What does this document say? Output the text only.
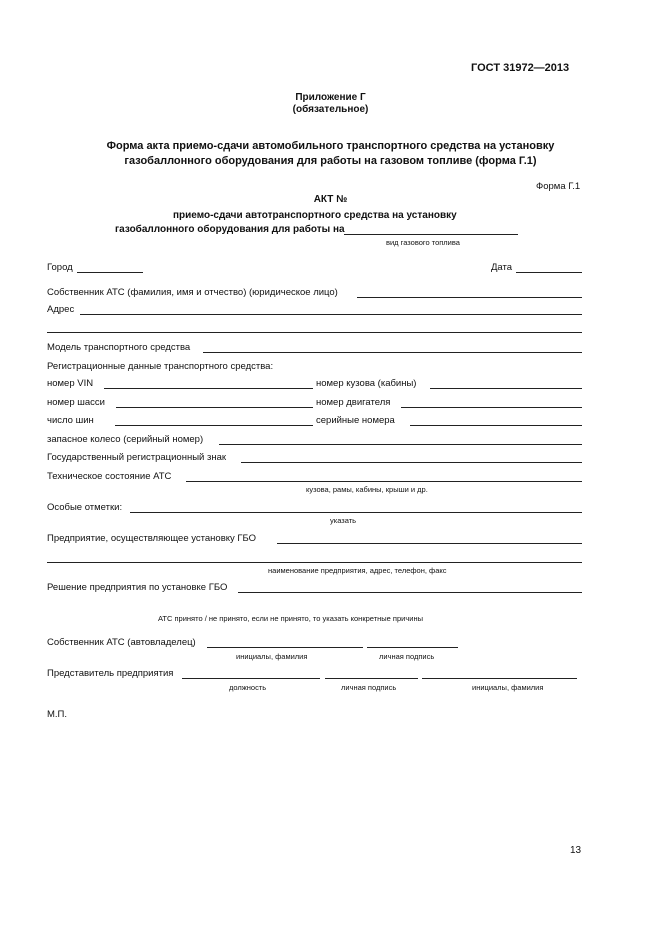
ГОСТ 31972—2013
Приложение Г
(обязательное)
Форма акта приемо-сдачи автомобильного транспортного средства на установку
газобаллонного оборудования для работы на газовом топливе (форма Г.1)
Форма Г.1
АКТ №
приемо-сдачи автотранспортного средства на установку
газобаллонного оборудования для работы на
вид газового топлива
Город	Дата
Собственник АТС (фамилия, имя и отчество) (юридическое лицо)
Адрес
Модель транспортного средства
Регистрационные данные транспортного средства:
номер VIN	номер кузова (кабины)
номер шасси	номер двигателя
число шин	серийные номера
запасное колесо (серийный номер)
Государственный регистрационный знак
Техническое состояние АТС
кузова, рамы, кабины, крыши и др.
Особые отметки:
указать
Предприятие, осуществляющее установку ГБО
наименование предприятия, адрес, телефон, факс
Решение предприятия по установке ГБО
АТС принято / не принято, если не принято, то указать конкретные причины
Собственник АТС (автовладелец)
инициалы, фамилия	личная подпись
Представитель предприятия
должность	личная подпись	инициалы, фамилия
М.П.
13
